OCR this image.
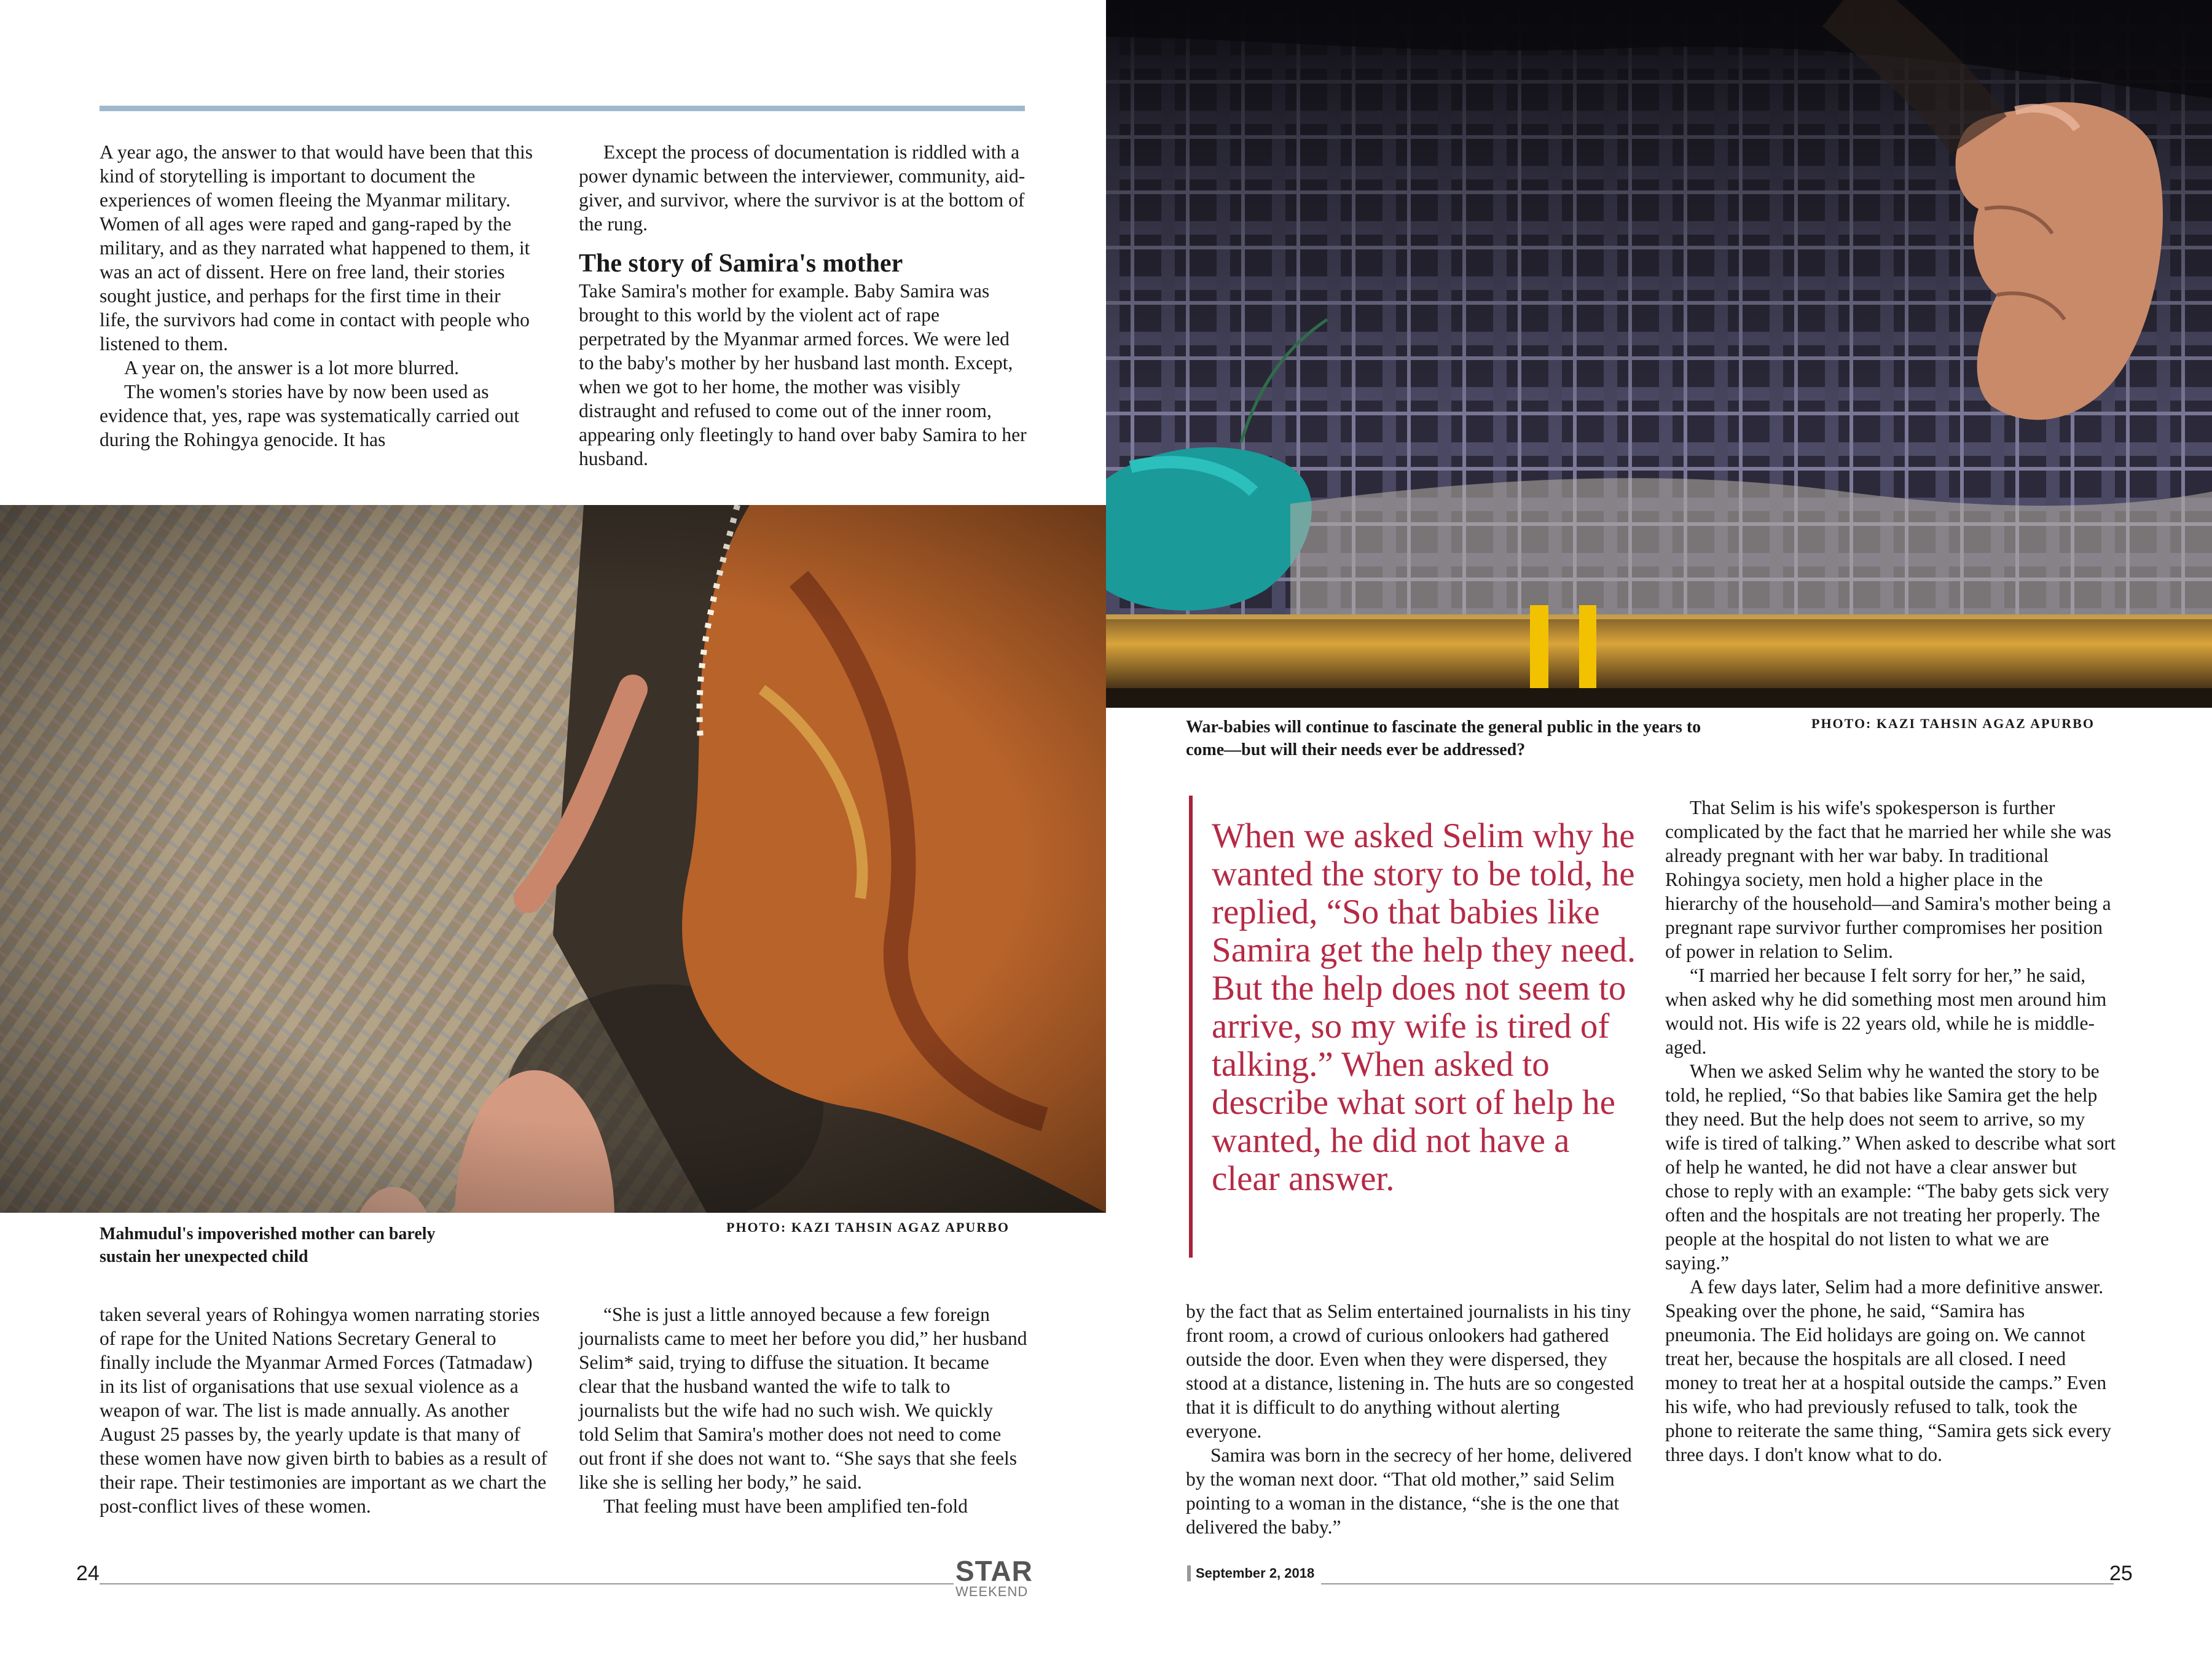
A year ago, the answer to that would have been that this kind of storytelling is important to document the experiences of women fleeing the Myanmar military. Women of all ages were raped and gang-raped by the military, and as they narrated what happened to them, it was an act of dissent. Here on free land, their stories sought justice, and perhaps for the first time in their life, the survivors had come in contact with people who listened to them.

A year on, the answer is a lot more blurred.

The women's stories have by now been used as evidence that, yes, rape was systematically carried out during the Rohingya genocide. It has

Except the process of documentation is riddled with a power dynamic between the interviewer, community, aid-giver, and survivor, where the survivor is at the bottom of the rung.

The story of Samira's mother

Take Samira's mother for example. Baby Samira was brought to this world by the violent act of rape perpetrated by the Myanmar armed forces. We were led to the baby's mother by her husband last month. Except, when we got to her home, the mother was visibly distraught and refused to come out of the inner room, appearing only fleetingly to hand over baby Samira to her husband.

Mahmudul's impoverished mother can barely sustain her unexpected child
PHOTO: KAZI TAHSIN AGAZ APURBO

taken several years of Rohingya women narrating stories of rape for the United Nations Secretary General to finally include the Myanmar Armed Forces (Tatmadaw) in its list of organisations that use sexual violence as a weapon of war. The list is made annually. As another August 25 passes by, the yearly update is that many of these women have now given birth to babies as a result of their rape. Their testimonies are important as we chart the post-conflict lives of these women.

“She is just a little annoyed because a few foreign journalists came to meet her before you did,” her husband Selim* said, trying to diffuse the situation. It became clear that the husband wanted the wife to talk to journalists but the wife had no such wish. We quickly told Selim that Samira's mother does not need to come out front if she does not want to. “She says that she feels like she is selling her body,” he said.

That feeling must have been amplified ten-fold

24	STAR
WEEKEND
War-babies will continue to fascinate the general public in the years to come—but will their needs ever be addressed?
PHOTO: KAZI TAHSIN AGAZ APURBO
When we asked Selim why he wanted the story to be told, he replied, “So that babies like Samira get the help they need. But the help does not seem to arrive, so my wife is tired of talking.” When asked to describe what sort of help he wanted, he did not have a clear answer.

by the fact that as Selim entertained journalists in his tiny front room, a crowd of curious onlookers had gathered outside the door. Even when they were dispersed, they stood at a distance, listening in. The huts are so congested that it is difficult to do anything without alerting everyone.

Samira was born in the secrecy of her home, delivered by the woman next door. “That old mother,” said Selim pointing to a woman in the distance, “she is the one that delivered the baby.”

That Selim is his wife's spokesperson is further complicated by the fact that he married her while she was already pregnant with her war baby. In traditional Rohingya society, men hold a higher place in the hierarchy of the household—and Samira's mother being a pregnant rape survivor further compromises her position of power in relation to Selim.

“I married her because I felt sorry for her,” he said, when asked why he did something most men around him would not. His wife is 22 years old, while he is middle-aged.

When we asked Selim why he wanted the story to be told, he replied, “So that babies like Samira get the help they need. But the help does not seem to arrive, so my wife is tired of talking.” When asked to describe what sort of help he wanted, he did not have a clear answer but chose to reply with an example: “The baby gets sick very often and the hospitals are not treating her properly. The people at the hospital do not listen to what we are saying.”

A few days later, Selim had a more definitive answer. Speaking over the phone, he said, “Samira has pneumonia. The Eid holidays are going on. We cannot treat her, because the hospitals are all closed. I need money to treat her at a hospital outside the camps.” Even his wife, who had previously refused to talk, took the phone to reiterate the same thing, “Samira gets sick every three days. I don't know what to do.

September 2, 2018	25
